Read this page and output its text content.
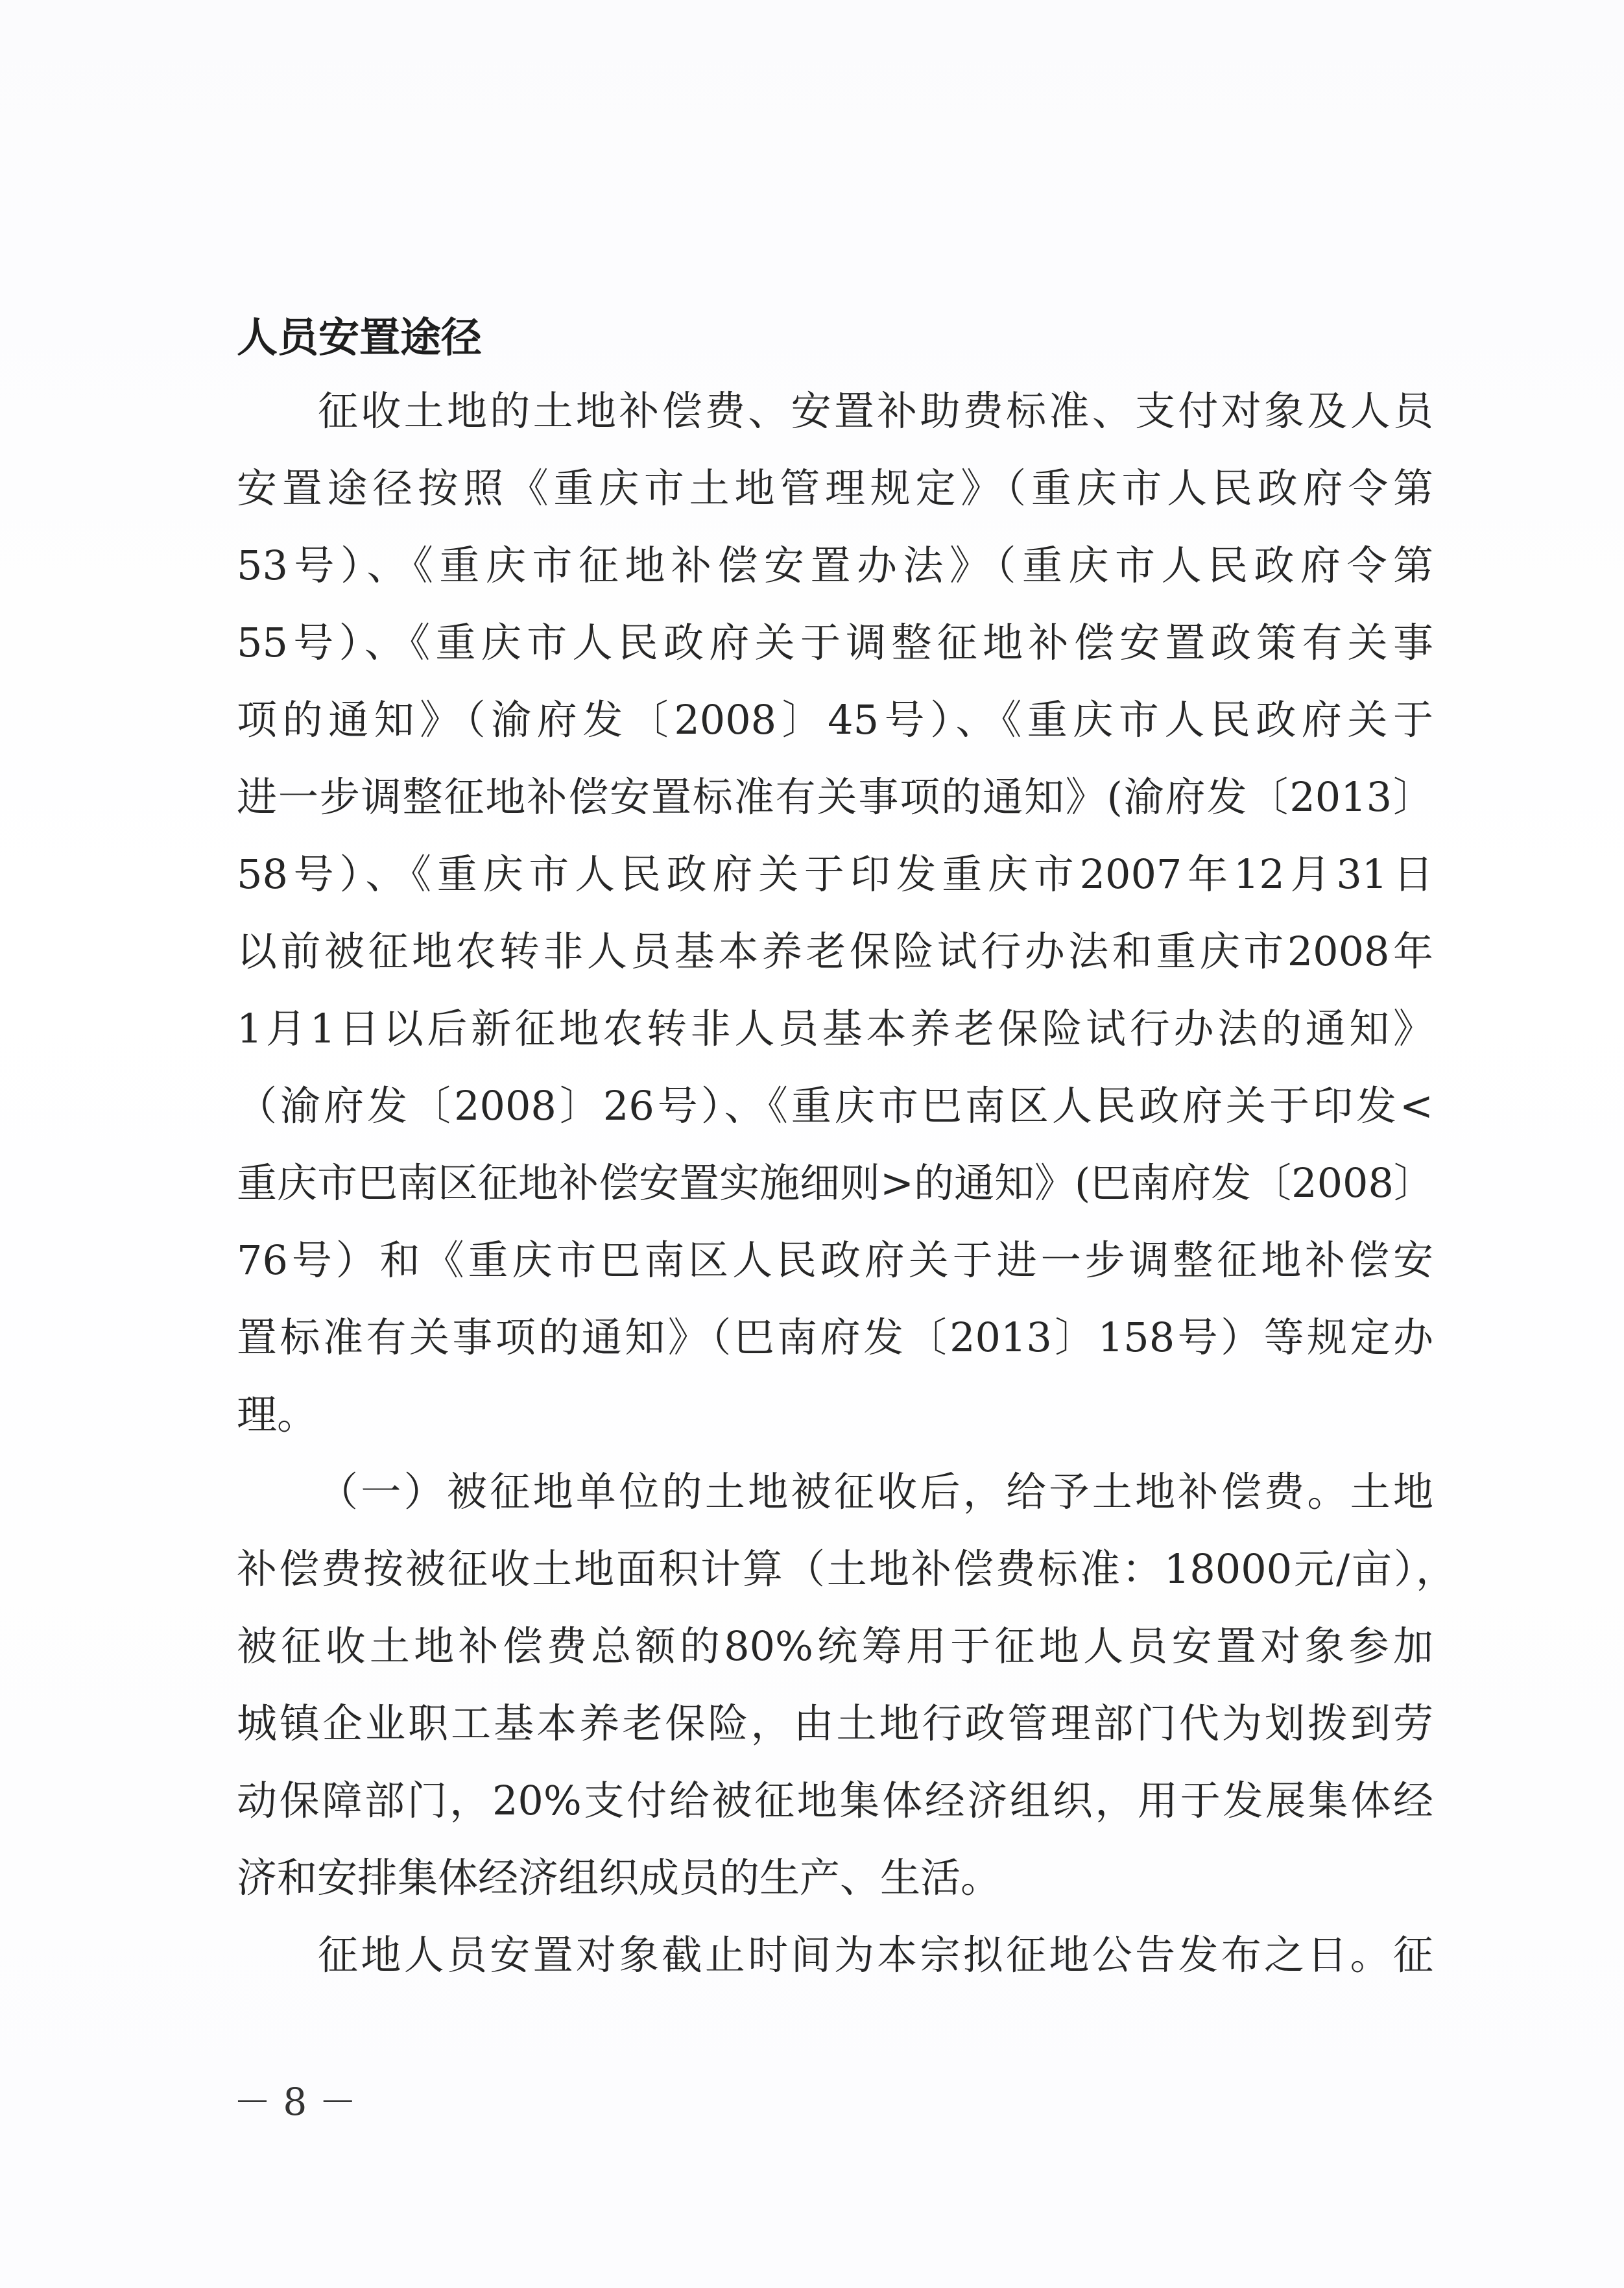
人员安置途径

征收土地的土地补偿费、安置补助费标准、支付对象及人员

安置途径按照《重庆市土地管理规定》（重庆市人民政府令第

53号）、《重庆市征地补偿安置办法》（重庆市人民政府令第

55号）、《重庆市人民政府关于调整征地补偿安置政策有关事

项的通知》（渝府发〔2008〕45号）、《重庆市人民政府关于

进一步调整征地补偿安置标准有关事项的通知》(渝府发〔2013〕

58号）、《重庆市人民政府关于印发重庆市2007年12月31日

以前被征地农转非人员基本养老保险试行办法和重庆市2008年

1月1日以后新征地农转非人员基本养老保险试行办法的通知》

（渝府发〔2008〕26号）、《重庆市巴南区人民政府关于印发<

重庆市巴南区征地补偿安置实施细则>的通知》(巴南府发〔2008〕

76号）和《重庆市巴南区人民政府关于进一步调整征地补偿安

置标准有关事项的通知》（巴南府发〔2013〕158号）等规定办

理。

（一）被征地单位的土地被征收后，给予土地补偿费。土地

补偿费按被征收土地面积计算（土地补偿费标准：18000元/亩），

被征收土地补偿费总额的80%统筹用于征地人员安置对象参加

城镇企业职工基本养老保险，由土地行政管理部门代为划拨到劳

动保障部门，20%支付给被征地集体经济组织，用于发展集体经

济和安排集体经济组织成员的生产、生活。

征地人员安置对象截止时间为本宗拟征地公告发布之日。征

－ 8 －
